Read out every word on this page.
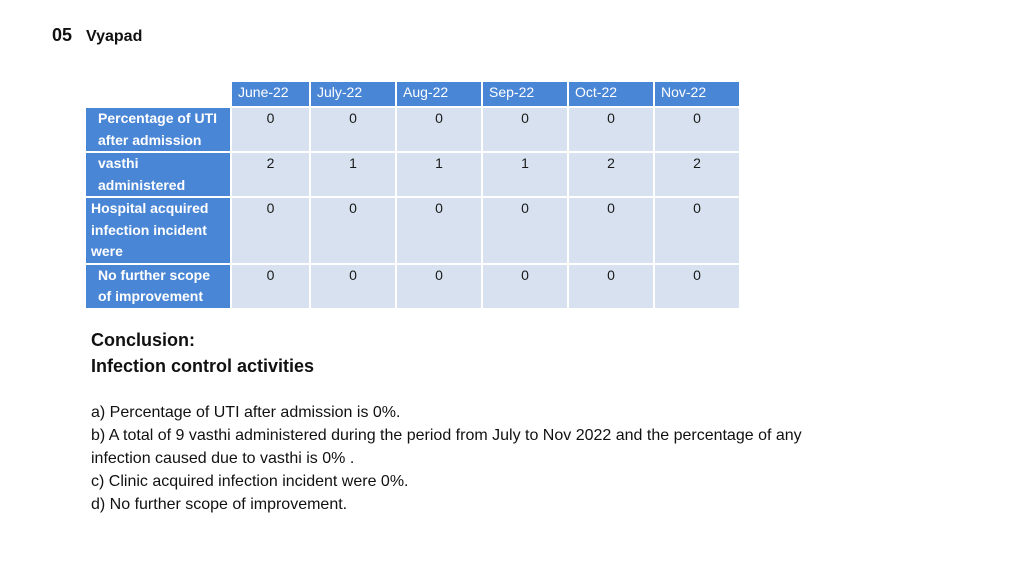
05 Vyapad
	June-22	July-22	Aug-22	Sep-22	Oct-22	Nov-22

Percentage of UTI
after admission	0	0	0	0	0	0

vasthi
administered	2	1	1	1	2	2

Hospital acquired
infection incident
were	0	0	0	0	0	0

No further scope
of improvement	0	0	0	0	0	0
Conclusion:
Infection control activities
a) Percentage of UTI after admission is 0%.
b) A total of 9 vasthi administered during the period from July to Nov 2022 and the percentage of any
infection caused due to vasthi is 0% .
c) Clinic acquired infection incident were 0%.
d) No further scope of improvement.
